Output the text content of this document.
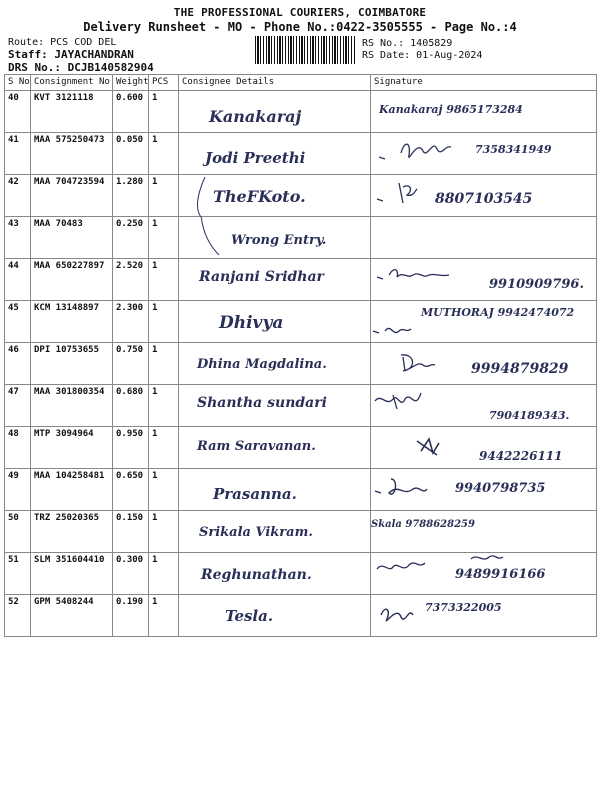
THE PROFESSIONAL COURIERS, COIMBATORE
Delivery Runsheet - MO - Phone No.:0422-3505555 - Page No.:4
Route: PCS COD DEL
Staff: JAYACHANDRAN
DRS No.: DCJB140582904
RS No.: 1405829
RS Date: 01-Aug-2024
S No	Consignment No	Weight	PCS	Consignee Details	Signature
40	KVT 3121118	0.600	1	Kanakaraj	Kanakaraj 9865173284

41	MAA 575250473	0.050	1	Jodi Preethi	7358341949

42	MAA 704723594	1.280	1	TheFKoto.	8807103545

43	MAA 70483	0.250	1	Wrong Entry.	

44	MAA 650227897	2.520	1	Ranjani Sridhar	9910909796.

45	KCM 13148897	2.300	1	Dhivya	MUTHORAJ 9942474072

46	DPI 10753655	0.750	1	Dhina Magdalina.	9994879829

47	MAA 301800354	0.680	1	Shantha sundari	7904189343.

48	MTP 3094964	0.950	1	Ram Saravanan.	9442226111

49	MAA 104258481	0.650	1	Prasanna.	9940798735

50	TRZ 25020365	0.150	1	Srikala Vikram.	Skala 9788628259

51	SLM 351604410	0.300	1	Reghunathan.	9489916166

52	GPM 5408244	0.190	1	Tesla.	7373322005
